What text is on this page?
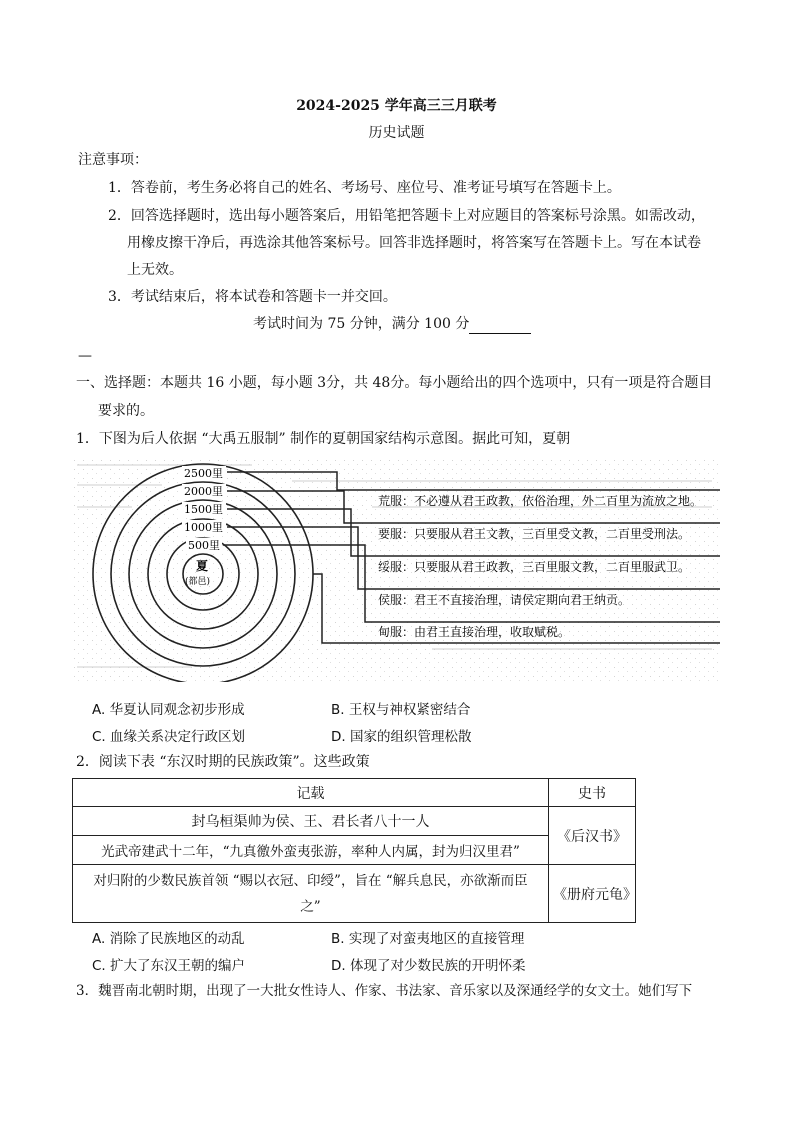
2024-2025 学年高三三月联考
历史试题
注意事项：
1．答卷前，考生务必将自己的姓名、考场号、座位号、准考证号填写在答题卡上。
2．回答选择题时，选出每小题答案后，用铅笔把答题卡上对应题目的答案标号涂黑。如需改动，
用橡皮擦干净后，再选涂其他答案标号。回答非选择题时，将答案写在答题卡上。写在本试卷
上无效。
3．考试结束后，将本试卷和答题卡一并交回。
考试时间为 75 分钟，满分 100 分
—
一、选择题：本题共 16 小题，每小题 3分，共 48分。每小题给出的四个选项中，只有一项是符合题目
要求的。
1．下图为后人依据 “大禹五服制” 制作的夏朝国家结构示意图。据此可知，夏朝
2500里
2000里
1500里
1000里
500里
夏
(都邑)
荒服：不必遵从君王政教，依俗治理，外二百里为流放之地。
要服：只要服从君王文教，三百里受文教，二百里受刑法。
绥服：只要服从君王政教，三百里服文教，二百里服武卫。
侯服：君王不直接治理，请侯定期向君王纳贡。
甸服：由君王直接治理，收取赋税。
A. 华夏认同观念初步形成	B. 王权与神权紧密结合
C. 血缘关系决定行政区划	D. 国家的组织管理松散
2．阅读下表 “东汉时期的民族政策”。这些政策
记载	史书
封乌桓渠帅为侯、王、君长者八十一人	《后汉书》
光武帝建武十二年，“九真徼外蛮夷张游，率种人内属，封为归汉里君”	

对归附的少数民族首领 “赐以衣冠、印绶”，旨在 “解兵息民，亦欲渐而臣
之”	《册府元龟》
A. 消除了民族地区的动乱	B. 实现了对蛮夷地区的直接管理
C. 扩大了东汉王朝的编户	D. 体现了对少数民族的开明怀柔
3．魏晋南北朝时期，出现了一大批女性诗人、作家、书法家、音乐家以及深通经学的女文士。她们写下
